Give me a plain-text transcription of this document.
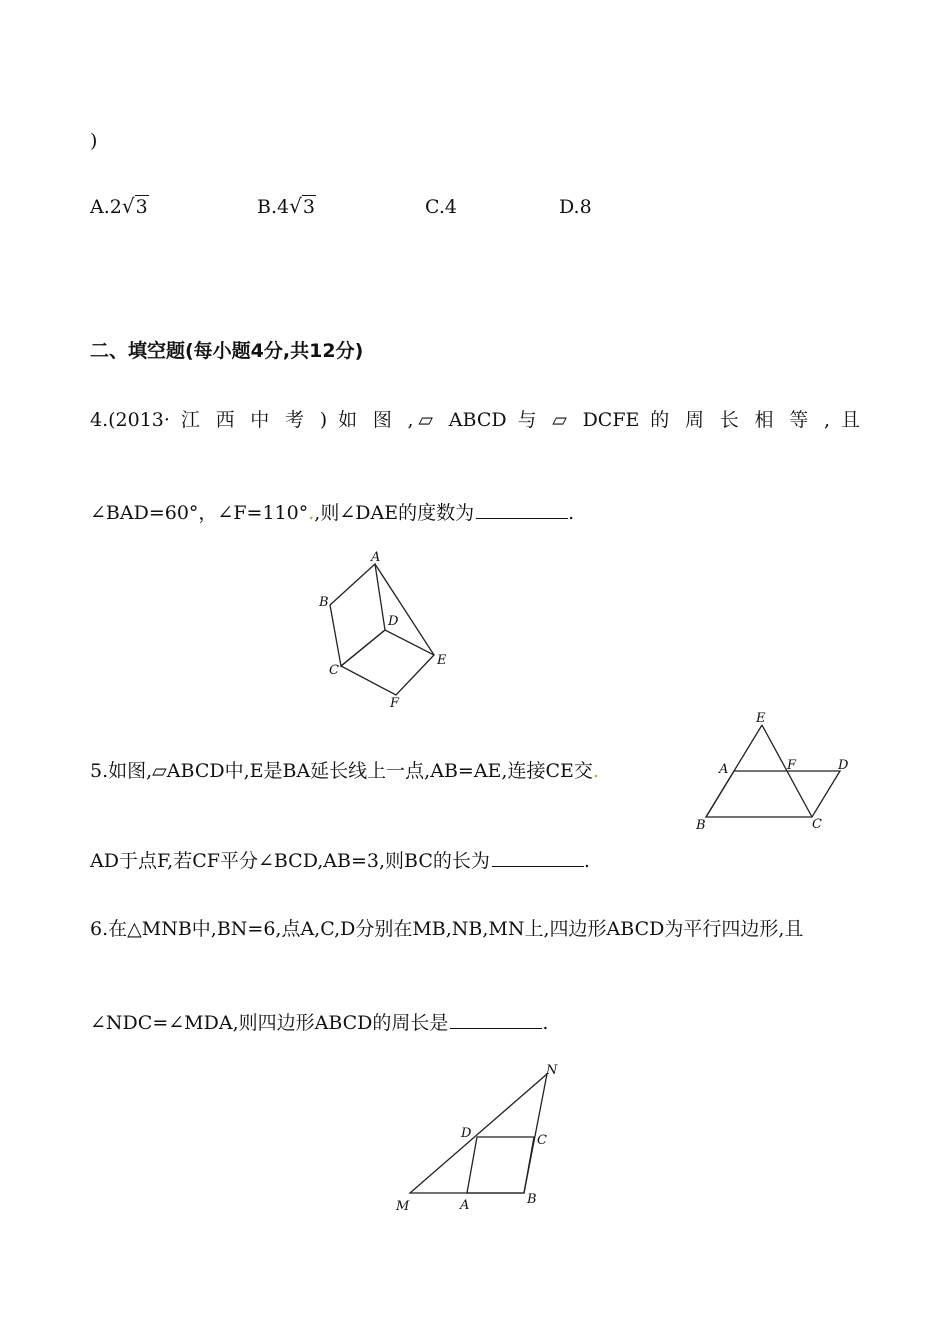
)
A.2√3	B.4√3	C.4	D.8
二、填空题(每小题4分,共12分)
4.(2013· 江 西 中 考 ) 如 图 ,▱ ABCD 与 ▱ DCFE 的 周 长 相 等 , 且
∠BAD=60°，∠F=110°.,则∠DAE的度数为	.
A
B
C
D
E
F
5.如图,▱ABCD中,E是BA延长线上一点,AB=AE,连接CE交.
E
A	F	D
B	C
AD于点F,若CF平分∠BCD,AB=3,则BC的长为	.
6.在△MNB中,BN=6,点A,C,D分别在MB,NB,MN上,四边形ABCD为平行四边形,且
∠NDC=∠MDA,则四边形ABCD的周长是	.
N
D	C
M	A	B
